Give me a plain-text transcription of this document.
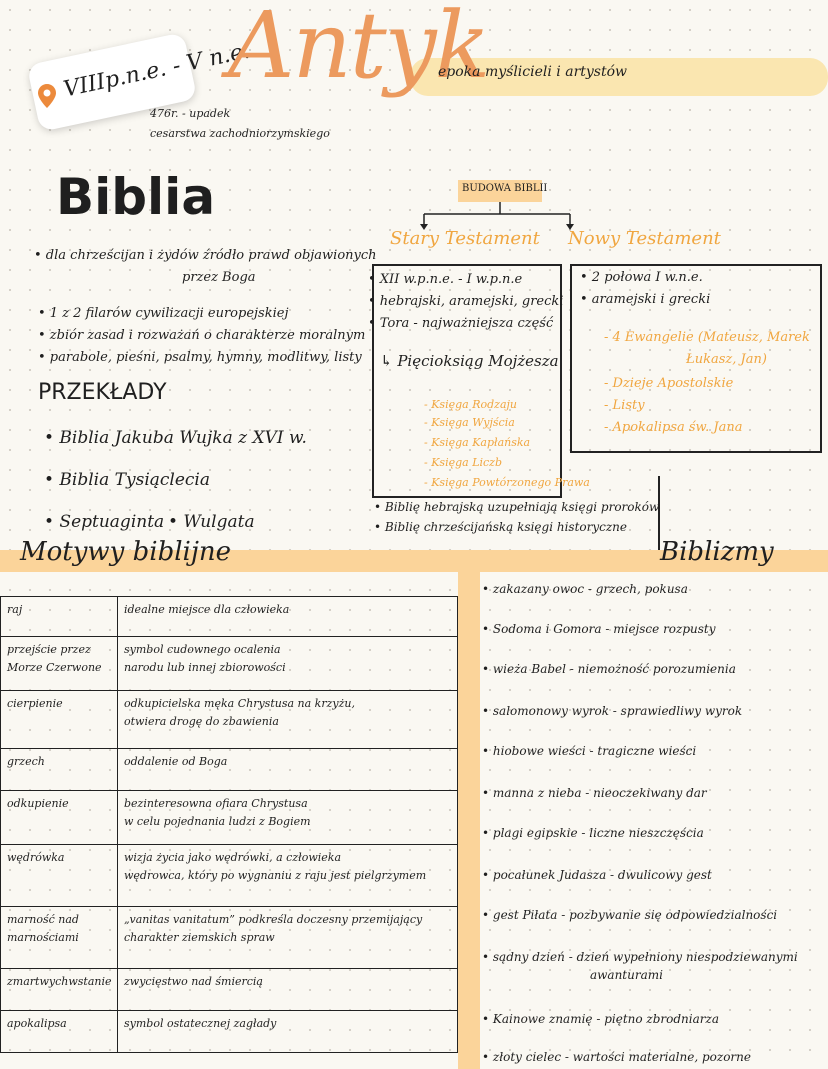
VIIIp.n.e. - V n.e.
Antyk
epoka myślicieli i artystów
476r. - upadek
cesarstwa zachodniorzymskiego
Biblia
• dla chrześcijan i żydów źródło prawd objawionych
przez Boga
• 1 z 2 filarów cywilizacji europejskiej
• zbiór zasad i rozważań o charakterze moralnym
• parabole, pieśni, psalmy, hymny, modlitwy, listy
PRZEKŁADY
• Biblia Jakuba Wujka z XVI w.
• Biblia Tysiąclecia
• Septuaginta • Wulgata
BUDOWA BIBLII
Stary Testament Nowy Testament
• XII w.p.n.e. - I w.p.n.e
• hebrajski, aramejski, grecki
• Tora - najważniejsza część
↳ Pięcioksiąg Mojżesza
- Księga Rodzaju
- Księga Wyjścia
- Księga Kapłańska
- Księga Liczb
- Księga Powtórzonego Prawa
• Biblię hebrajską uzupełniają księgi proroków
• Biblię chrześcijańską księgi historyczne
• 2 połowa I w.n.e.
• aramejski i grecki
- 4 Ewangelie (Mateusz, Marek
Łukasz, Jan)
- Dzieje Apostolskie
- Listy
- Apokalipsa św. Jana
Motywy biblijne	Biblizmy
raj	idealne miejsce dla człowieka

przejście przez Morze Czerwone	symbol cudownego ocalenia
narodu lub innej zbiorowości

cierpienie	odkupicielska męka Chrystusa na krzyżu,
otwiera drogę do zbawienia

grzech	oddalenie od Boga

odkupienie	bezinteresowna ofiara Chrystusa
w celu pojednania ludzi z Bogiem

wędrówka	wizja życia jako wędrówki, a człowieka
wędrowca, który po wygnaniu z raju jest pielgrzymem

marność nad marnościami	„vanitas vanitatum” podkreśla doczesny przemijający
charakter ziemskich spraw

zmartwychwstanie	zwycięstwo nad śmiercią

apokalipsa	symbol ostatecznej zagłady
• zakazany owoc - grzech, pokusa
• Sodoma i Gomora - miejsce rozpusty
• wieża Babel - niemożność porozumienia
• salomonowy wyrok - sprawiedliwy wyrok
• hiobowe wieści - tragiczne wieści
• manna z nieba - nieoczekiwany dar
• plagi egipskie - liczne nieszczęścia
• pocałunek Judasza - dwulicowy gest
• gest Piłata - pozbywanie się odpowiedzialności
• sądny dzień - dzień wypełniony niespodziewanymi
awanturami
• Kainowe znamię - piętno zbrodniarza
• złoty cielec - wartości materialne, pozorne
